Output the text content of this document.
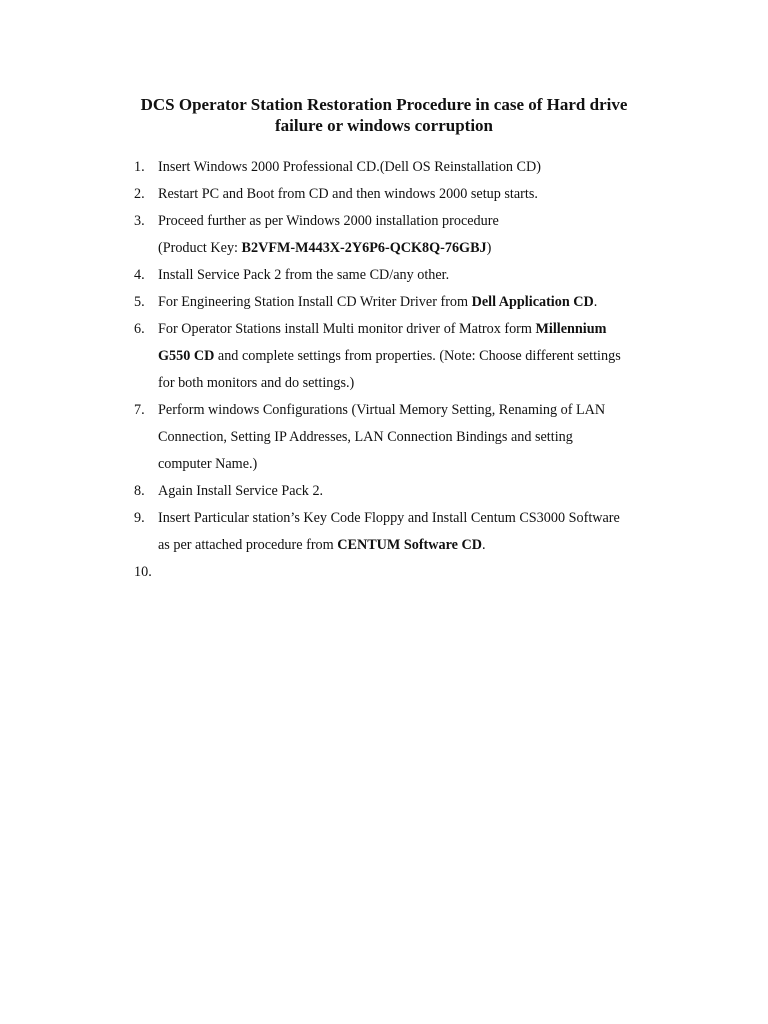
DCS Operator Station Restoration Procedure in case of Hard drive
failure or windows corruption
1. Insert Windows 2000 Professional CD.(Dell OS Reinstallation CD)
2. Restart PC and Boot from CD and then windows 2000 setup starts.
3. Proceed further as per Windows 2000 installation procedure
(Product Key: B2VFM-M443X-2Y6P6-QCK8Q-76GBJ)
4. Install Service Pack 2 from the same CD/any other.
5. For Engineering Station Install CD Writer Driver from Dell Application CD.
6. For Operator Stations install Multi monitor driver of Matrox form Millennium
G550 CD and complete settings from properties. (Note: Choose different settings
for both monitors and do settings.)
7. Perform windows Configurations (Virtual Memory Setting, Renaming of LAN
Connection, Setting IP Addresses, LAN Connection Bindings and setting
computer Name.)
8. Again Install Service Pack 2.
9. Insert Particular station’s Key Code Floppy and Install Centum CS3000 Software
as per attached procedure from CENTUM Software CD.
10.
